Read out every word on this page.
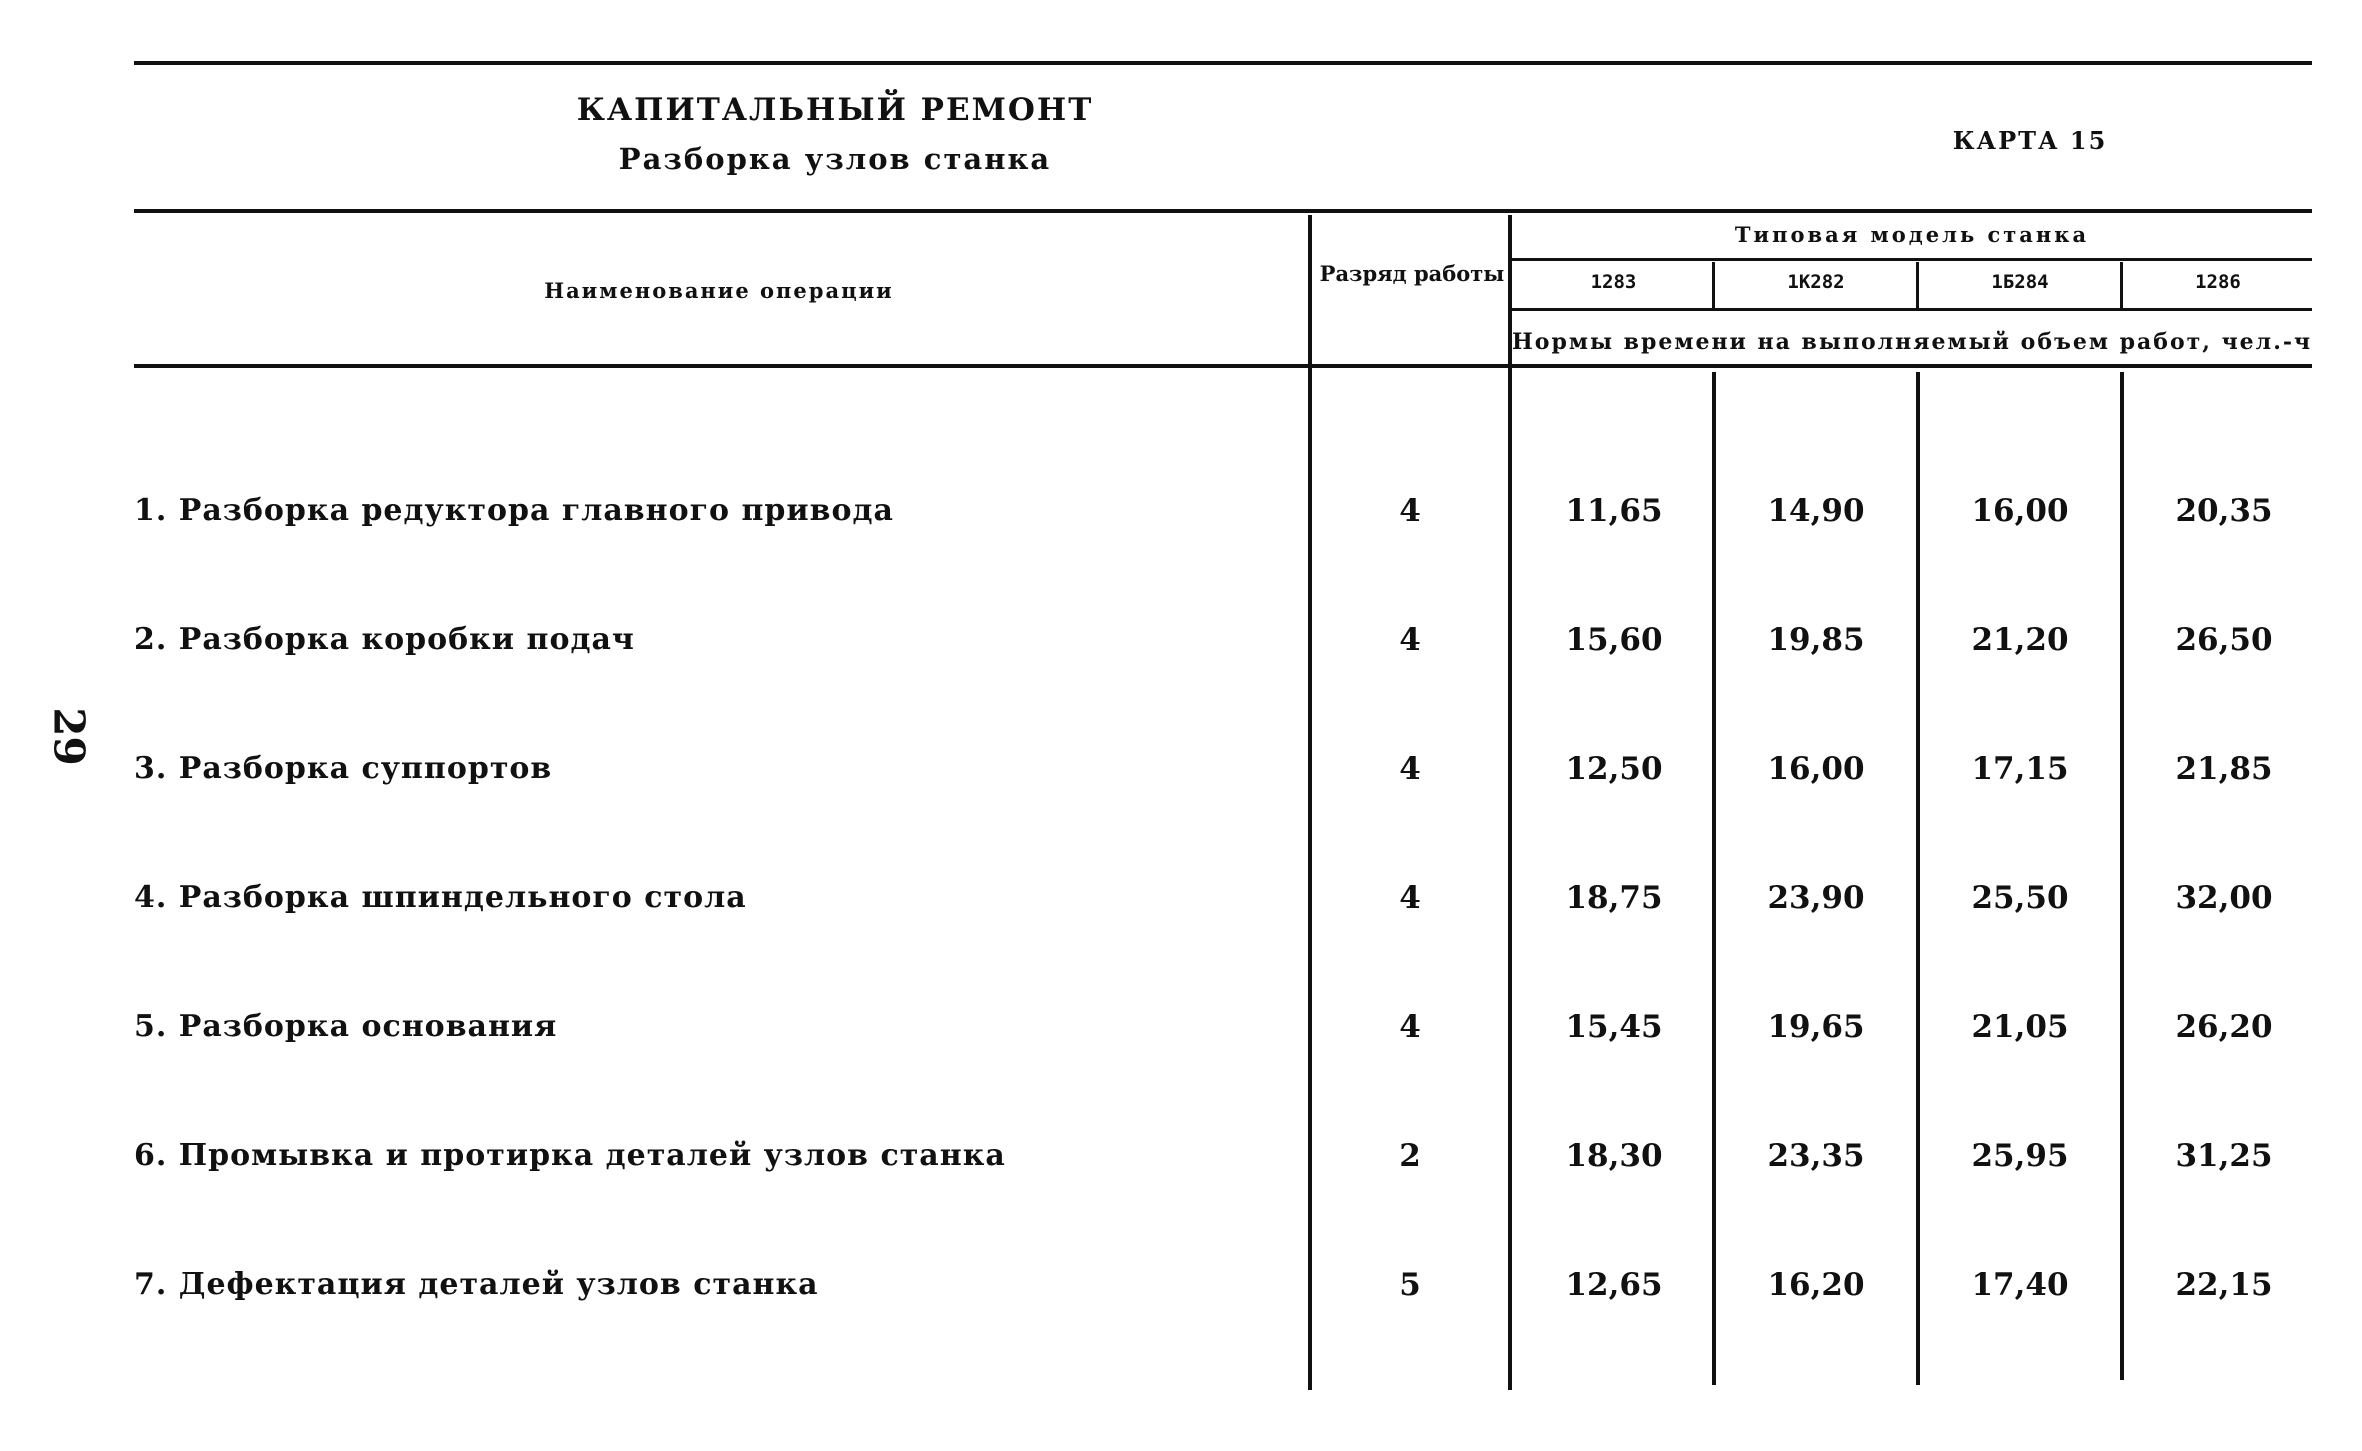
29
КАПИТАЛЬНЫЙ РЕМОНТ
Разборка узлов станка
КАРТА 15
Наименование операции
Разряд работы
Типовая модель станка
1283	1К282	1Б284	1286
Нормы времени на выполняемый объем работ, чел.-ч
1. Разборка редуктора главного привода	4	11,65	14,90	16,00	20,35
2. Разборка коробки подач	4	15,60	19,85	21,20	26,50
3. Разборка суппортов	4	12,50	16,00	17,15	21,85
4. Разборка шпиндельного стола	4	18,75	23,90	25,50	32,00
5. Разборка основания	4	15,45	19,65	21,05	26,20
6. Промывка и протирка деталей узлов станка	2	18,30	23,35	25,95	31,25
7. Дефектация деталей узлов станка	5	12,65	16,20	17,40	22,15
